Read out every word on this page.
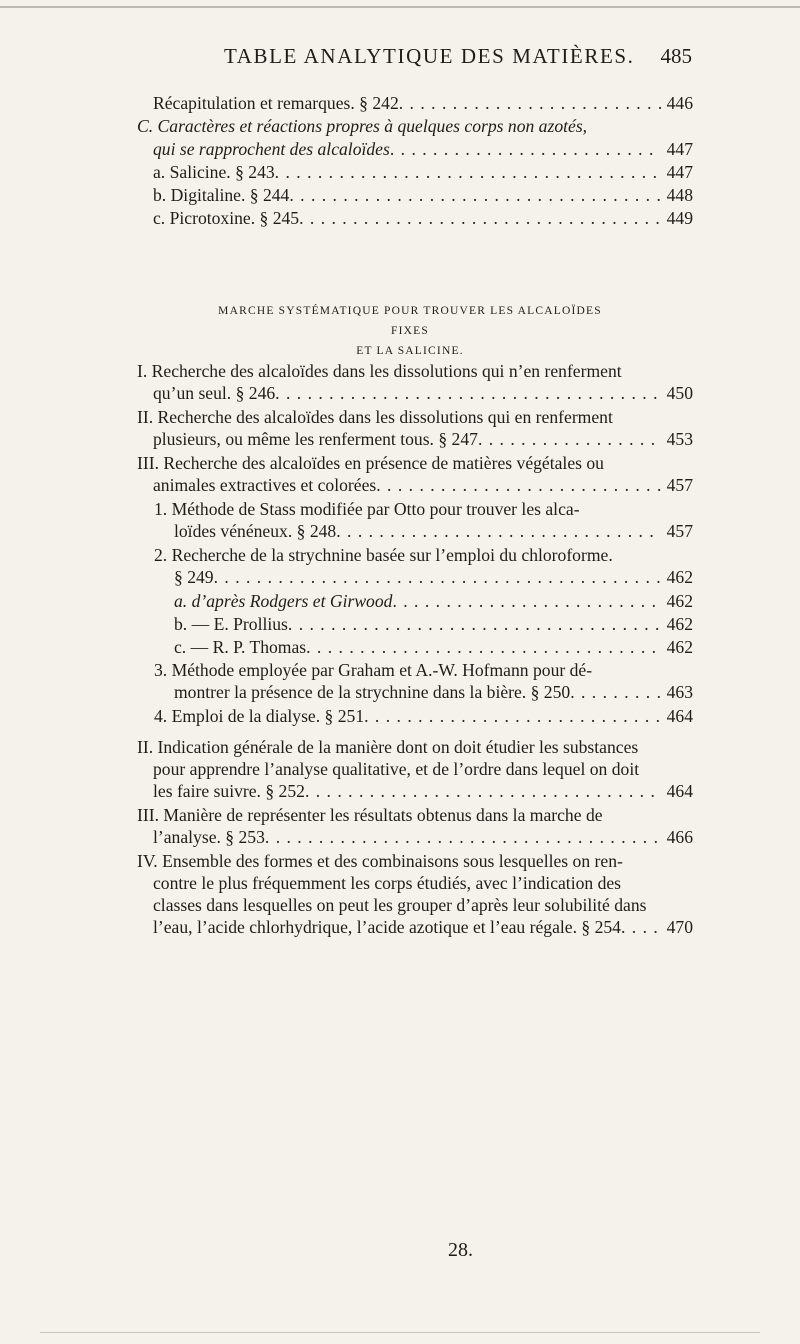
TABLE ANALYTIQUE DES MATIÈRES. 485
Récapitulation et remarques. § 242 . . .	446
C. Caractères et réactions propres à quelques corps non azotés,
qui se rapprochent des alcaloïdes . . .	447
a. Salicine. § 243 . . .	447
b. Digitaline. § 244 . . .	448
c. Picrotoxine. § 245 . . .	449
MARCHE SYSTÉMATIQUE POUR TROUVER LES ALCALOÏDES FIXES
ET LA SALICINE.
I. Recherche des alcaloïdes dans les dissolutions qui n’en renferment
qu’un seul. § 246 . . .	450
II. Recherche des alcaloïdes dans les dissolutions qui en renferment
plusieurs, ou même les renferment tous. § 247 . . .	453
III. Recherche des alcaloïdes en présence de matières végétales ou
animales extractives et colorées . . .	457
1. Méthode de Stass modifiée par Otto pour trouver les alca-
loïdes vénéneux. § 248 . . .	457
2. Recherche de la strychnine basée sur l’emploi du chloroforme.
§ 249 . . .	462
a. d’après Rodgers et Girwood . . .	462
b. — E. Prollius . . .	462
c. — R. P. Thomas . . .	462
3. Méthode employée par Graham et A.-W. Hofmann pour dé-
montrer la présence de la strychnine dans la bière. § 250 . . .	463
4. Emploi de la dialyse. § 251 . . .	464
II. Indication générale de la manière dont on doit étudier les substances
pour apprendre l’analyse qualitative, et de l’ordre dans lequel on doit
les faire suivre. § 252 . . .	464
III. Manière de représenter les résultats obtenus dans la marche de
l’analyse. § 253 . . .	466
IV. Ensemble des formes et des combinaisons sous lesquelles on ren-
contre le plus fréquemment les corps étudiés, avec l’indication des
classes dans lesquelles on peut les grouper d’après leur solubilité dans
l’eau, l’acide chlorhydrique, l’acide azotique et l’eau régale. § 254 . . .	470
28.
